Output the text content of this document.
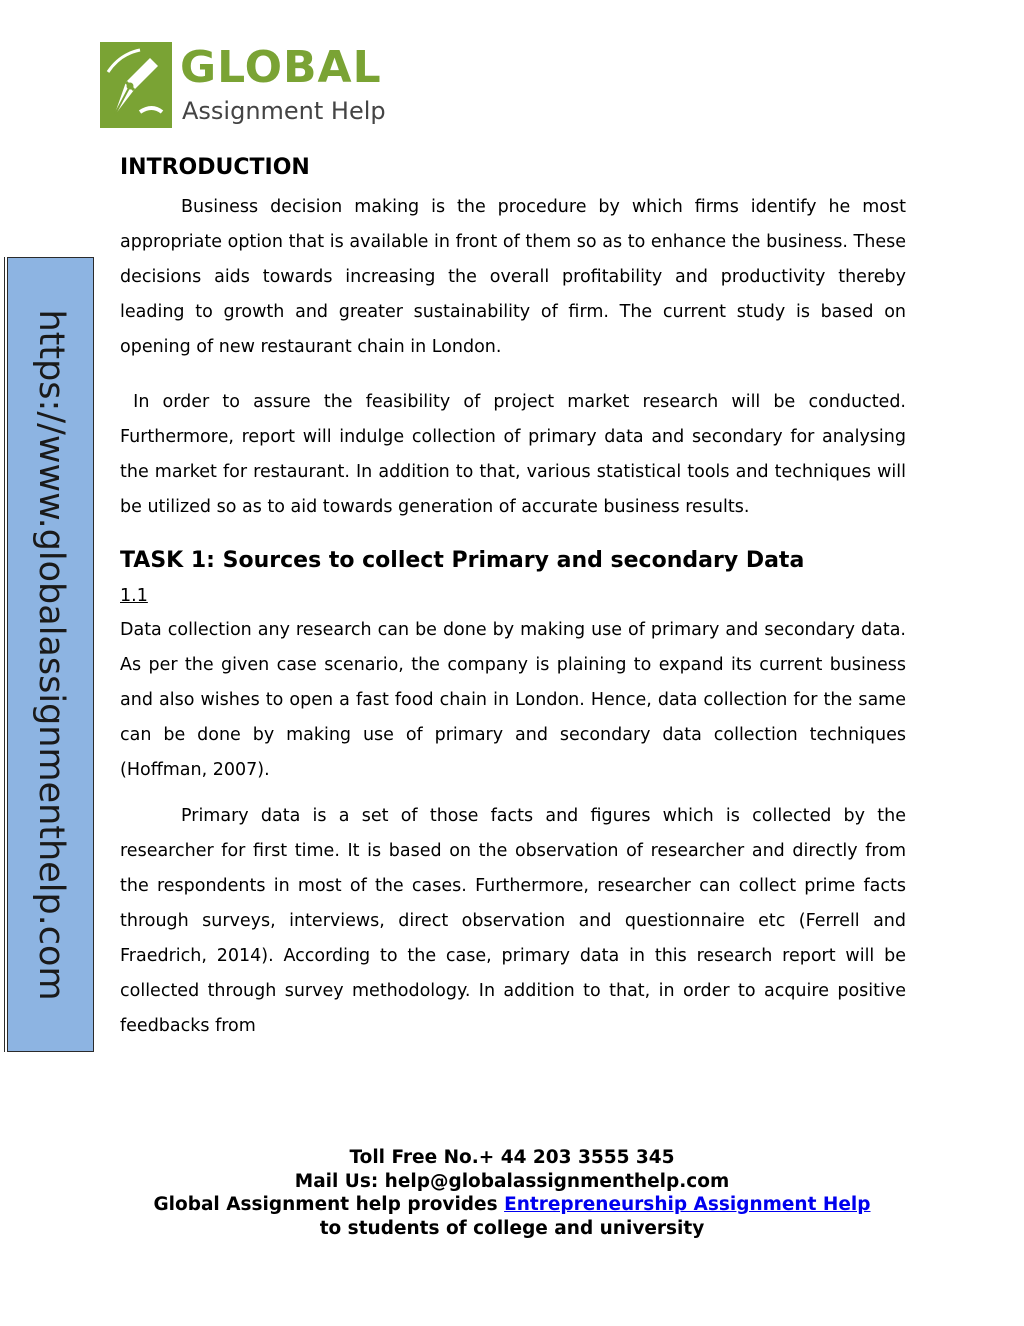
GLOBAL
Assignment Help
https://www.globalassignmenthelp.com
INTRODUCTION

Business decision making is the procedure by which firms identify he most appropriate option that is available in front of them so as to enhance the business. These decisions aids towards increasing the overall profitability and productivity thereby leading to growth and greater sustainability of firm. The current study is based on opening of new restaurant chain in London.

In order to assure the feasibility of project market research will be conducted. Furthermore, report will indulge collection of primary data and secondary for analysing the market for restaurant. In addition to that, various statistical tools and techniques will be utilized so as to aid towards generation of accurate business results.

TASK 1: Sources to collect Primary and secondary Data
1.1

Data collection any research can be done by making use of primary and secondary data. As per the given case scenario, the company is plaining to expand its current business and also wishes to open a fast food chain in London. Hence, data collection for the same can be done by making use of primary and secondary data collection techniques (Hoffman, 2007).

Primary data is a set of those facts and figures which is collected by the researcher for first time. It is based on the observation of researcher and directly from the respondents in most of the cases. Furthermore, researcher can collect prime facts through surveys, interviews, direct observation and questionnaire etc (Ferrell and Fraedrich, 2014). According to the case, primary data in this research report will be collected through survey methodology. In addition to that, in order to acquire positive feedbacks from

Toll Free No.+ 44 203 3555 345
Mail Us: help@globalassignmenthelp.com
Global Assignment help provides Entrepreneurship Assignment Help
to students of college and university
